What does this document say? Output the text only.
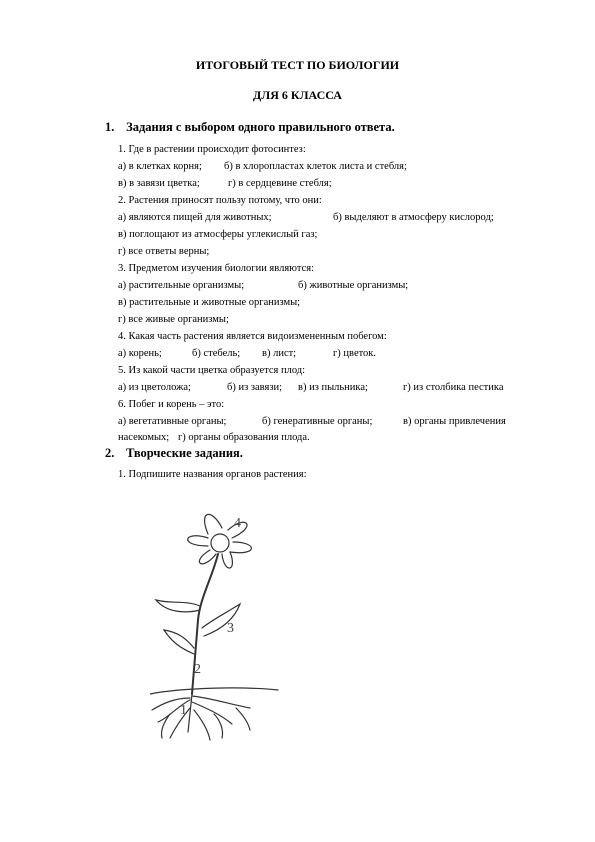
ИТОГОВЫЙ ТЕСТ ПО БИОЛОГИИ
ДЛЯ 6 КЛАССА
1. Задания с выбором одного правильного ответа.
1. Где в растении происходит фотосинтез:
а) в клетках корня; б) в хлоропластах клеток листа и стебля;
в) в завязи цветка;	г) в сердцевине стебля;
2. Растения приносят пользу потому, что они:
а) являются пищей для животных;	б) выделяют в атмосферу кислород;
в) поглощают из атмосферы углекислый газ;
г) все ответы верны;
3. Предметом изучения биологии являются:
а) растительные организмы;	б) животные организмы;
в) растительные и животные организмы;
г) все живые организмы;
4. Какая часть растения является видоизмененным побегом:
а) корень;	б) стебель; в) лист;	г) цветок.
5. Из какой части цветка образуется плод:
а) из цветоложа;	б) из завязи; в) из пыльника;	г) из столбика пестика
6. Побег и корень – это:
а) вегетативные органы;	б) генеративные органы;	в) органы привлечения
насекомых; г) органы образования плода.
2. Творческие задания.
1. Подпишите названия органов растения:
4
3
2
1
